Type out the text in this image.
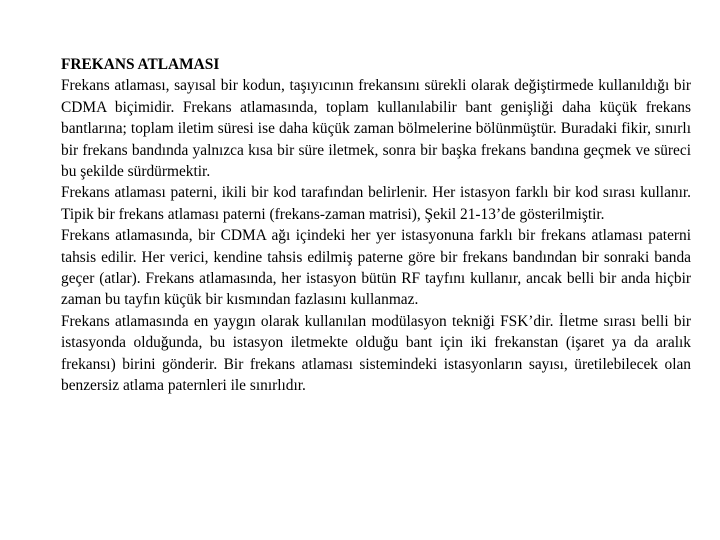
FREKANS ATLAMASI

Frekans atlaması, sayısal bir kodun, taşıyıcının frekansını sürekli olarak değiştirmede kullanıldığı bir CDMA biçimidir. Frekans atlamasında, toplam kullanılabilir bant genişliği daha küçük frekans bantlarına; toplam iletim süresi ise daha küçük zaman bölmelerine bölünmüştür. Buradaki fikir, sınırlı bir frekans bandında yalnızca kısa bir süre iletmek, sonra bir başka frekans bandına geçmek ve süreci bu şekilde sürdürmektir.

Frekans atlaması paterni, ikili bir kod tarafından belirlenir. Her istasyon farklı bir kod sırası kullanır. Tipik bir frekans atlaması paterni (frekans-zaman matrisi), Şekil 21-13’de gösterilmiştir.

Frekans atlamasında, bir CDMA ağı içindeki her yer istasyonuna farklı bir frekans atlaması paterni tahsis edilir. Her verici, kendine tahsis edilmiş paterne göre bir frekans bandından bir sonraki banda geçer (atlar). Frekans atlamasında, her istasyon bütün RF tayfını kullanır, ancak belli bir anda hiçbir zaman bu tayfın küçük bir kısmından fazlasını kullanmaz.

Frekans atlamasında en yaygın olarak kullanılan modülasyon tekniği FSK’dir. İletme sırası belli bir istasyonda olduğunda, bu istasyon iletmekte olduğu bant için iki frekanstan (işaret ya da aralık frekansı) birini gönderir. Bir frekans atlaması sistemindeki istasyonların sayısı, üretilebilecek olan benzersiz atlama paternleri ile sınırlıdır.
